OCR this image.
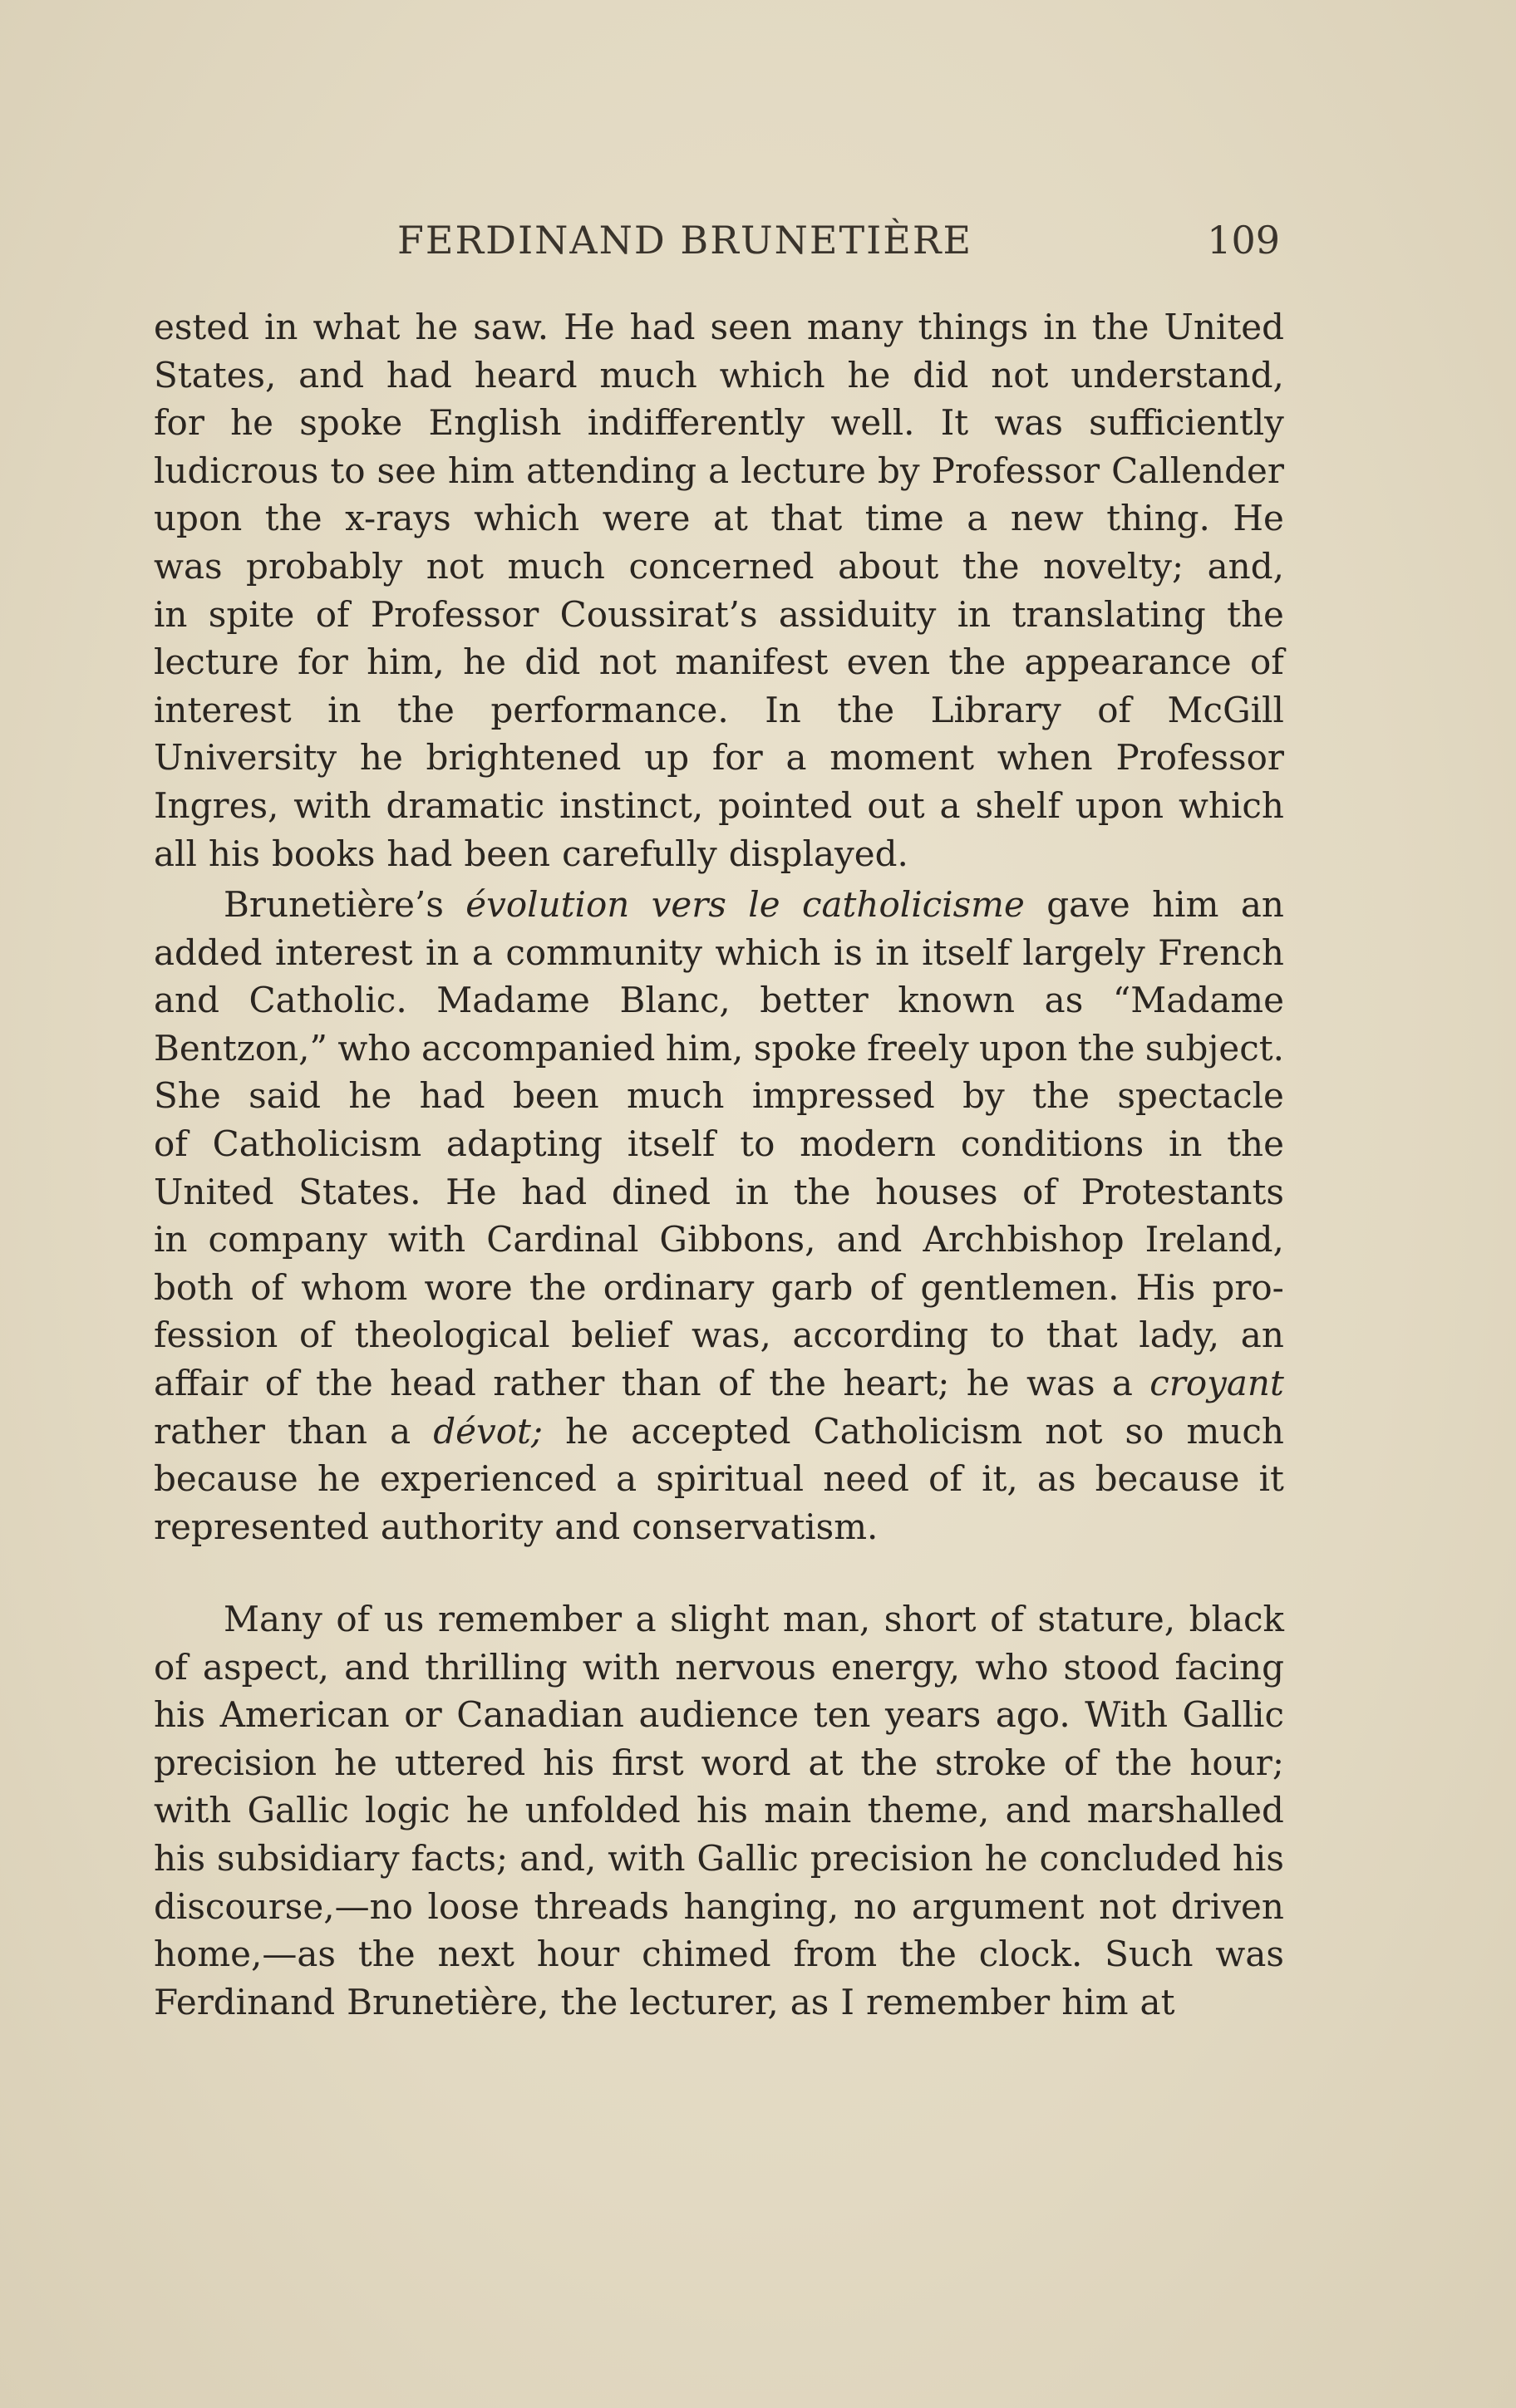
FERDINAND BRUNETIÈRE	109
ested in what he saw. He had seen many things in the United
States, and had heard much which he did not understand,
for he spoke English indifferently well. It was sufficiently
ludicrous to see him attending a lecture by Professor Callender
upon the x-rays which were at that time a new thing. He
was probably not much concerned about the novelty; and,
in spite of Professor Coussirat’s assiduity in translating the
lecture for him, he did not manifest even the appearance of
interest in the performance. In the Library of McGill
University he brightened up for a moment when Professor
Ingres, with dramatic instinct, pointed out a shelf upon which
all his books had been carefully displayed.
Brunetière’s évolution vers le catholicisme gave him an
added interest in a community which is in itself largely French
and Catholic. Madame Blanc, better known as “Madame
Bentzon,” who accompanied him, spoke freely upon the subject.
She said he had been much impressed by the spectacle
of Catholicism adapting itself to modern conditions in the
United States. He had dined in the houses of Protestants
in company with Cardinal Gibbons, and Archbishop Ireland,
both of whom wore the ordinary garb of gentlemen. His pro-
fession of theological belief was, according to that lady, an
affair of the head rather than of the heart; he was a croyant
rather than a dévot; he accepted Catholicism not so much
because he experienced a spiritual need of it, as because it
represented authority and conservatism.
Many of us remember a slight man, short of stature, black
of aspect, and thrilling with nervous energy, who stood facing
his American or Canadian audience ten years ago. With Gallic
precision he uttered his first word at the stroke of the hour;
with Gallic logic he unfolded his main theme, and marshalled
his subsidiary facts; and, with Gallic precision he concluded his
discourse,—no loose threads hanging, no argument not driven
home,—as the next hour chimed from the clock. Such was
Ferdinand Brunetière, the lecturer, as I remember him at
